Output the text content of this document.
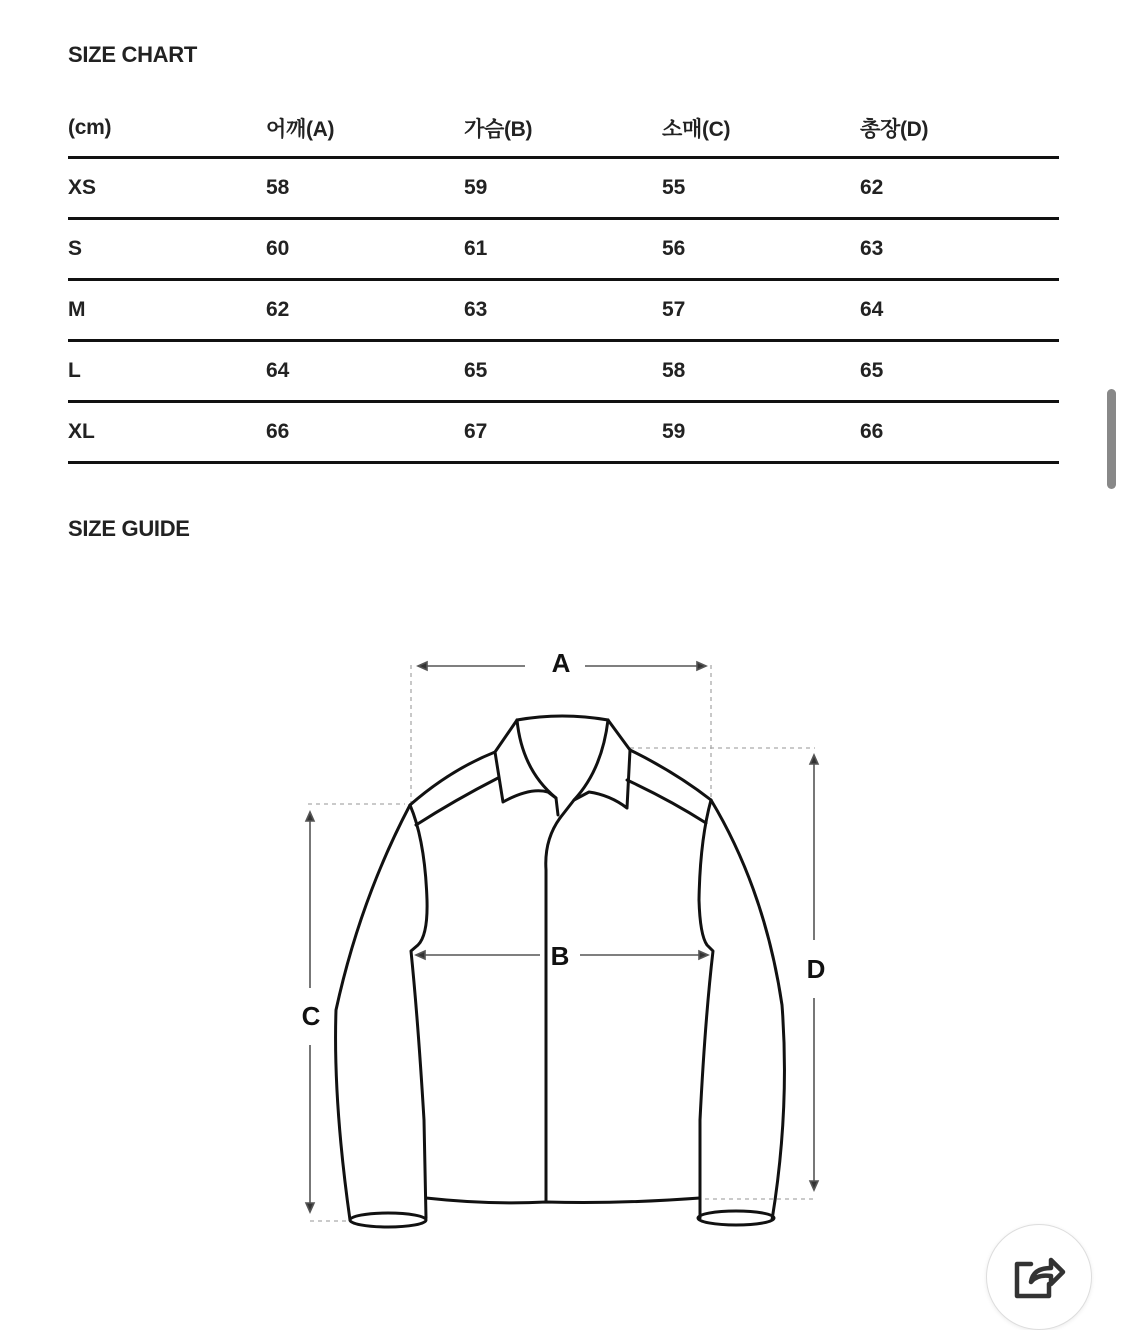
SIZE CHART
(cm)	어깨(A)	가슴(B)	소매(C)	총장(D)
XS	58	59	55	62
S	60	61	56	63
M	62	63	57	64
L	64	65	58	65
XL	66	67	59	66
SIZE GUIDE
A
B
C
D
